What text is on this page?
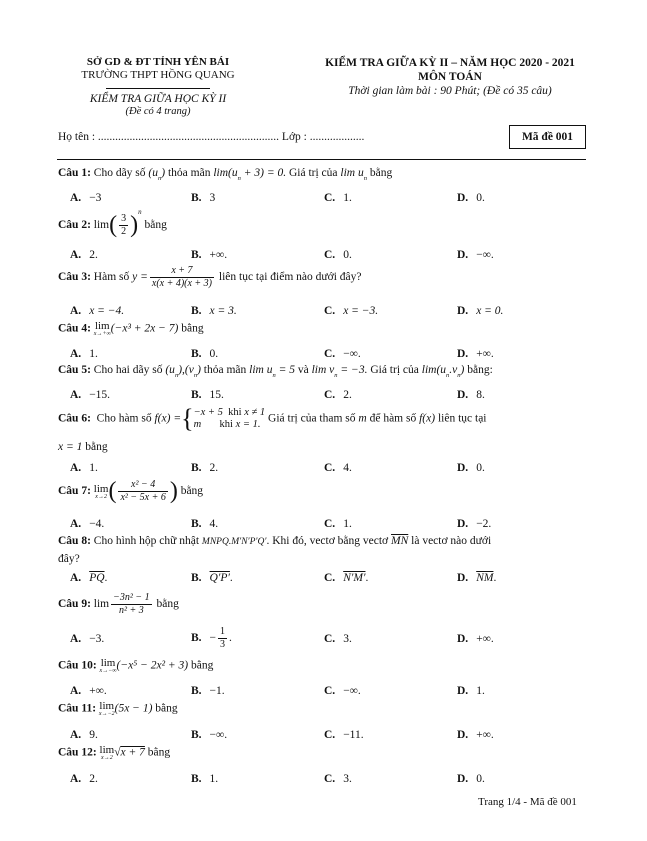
SỞ GD & ĐT TỈNH YÊN BÁI
TRƯỜNG THPT HỒNG QUANG
KIỂM TRA GIỮA HỌC KỲ II
(Đề có 4 trang)
KIỂM TRA GIỮA KỲ II – NĂM HỌC 2020 - 2021
MÔN TOÁN
Thời gian làm bài : 90 Phút; (Đề có 35 câu)
Họ tên : ............................................................... Lớp : ...................	Mã đề 001
Câu 1: Cho dãy số $(u_n)$ thỏa mãn $\lim(u_n + 3) = 0$. Giá trị của $\lim u_n$ bằng
A. −3	B. 3	C. 1.	D. 0.
Câu 2: $\lim( \frac{3}{2} )^n$ bằng
A. 2.	B. +∞.	C. 0.	D. −∞.
Câu 3: Hàm số $y = \frac{x + 7}{x(x + 4)(x + 3)}$ liên tục tại điểm nào dưới đây?
A. x = −4.	B. x = 3.	C. x = −3.	D. x = 0.
Câu 4: lim
x→+∞ (−x³ + 2x − 7) bằng
A. 1.	B. 0.	C. −∞.	D. +∞.
Câu 5: Cho hai dãy số $(u_n),(v_n)$ thỏa mãn $\lim u_n = 5$ và $\lim v_n = -3$. Giá trị của $\lim(u_n.v_n)$ bằng:
A. −15.	B. 15.	C. 2.	D. 8.
Câu 6: Cho hàm số f(x) ={−x + 5  khi x ≠ 1
m       khi x = 1. Giá trị của tham số m để hàm số f(x) liên tục tại
x = 1 bằng
A. 1.	B. 2.	C. 4.	D. 0.
Câu 7: lim
x→2 ( $\frac{\text{x² − 4}}{\text{x² − 5x + 6}}$ ) bằng
A. −4.	B. 4.	C. 1.	D. −2.
Câu 8: Cho hình hộp chữ nhật MNPQ.M′N′P′Q′. Khi đó, vectơ bằng vectơ $\overline{MN}$ là vectơ nào dưới
đây?
A. $\overline{PQ}$.	B. Q′P′.	C. N′M′.	D. $\overline{NM}$.
Câu 9: $\lim \frac{\text{−3n² − 1}}{\text{n² + 3}}$ bằng
A. −3.	B. − $\frac{1}{3}$ .	C. 3.	D. +∞.
Câu 10: lim
x→−∞ (−x⁵ − 2x² + 3) bằng
A. +∞.	B. −1.	C. −∞.	D. 1.
Câu 11: lim
x→−2 (5x − 1) bằng
A. 9.	B. −∞.	C. −11.	D. +∞.
Câu 12: lim
x→2 √x + 7 bằng
A. 2.	B. 1.	C. 3.	D. 0.
Trang 1/4 - Mã đề 001
